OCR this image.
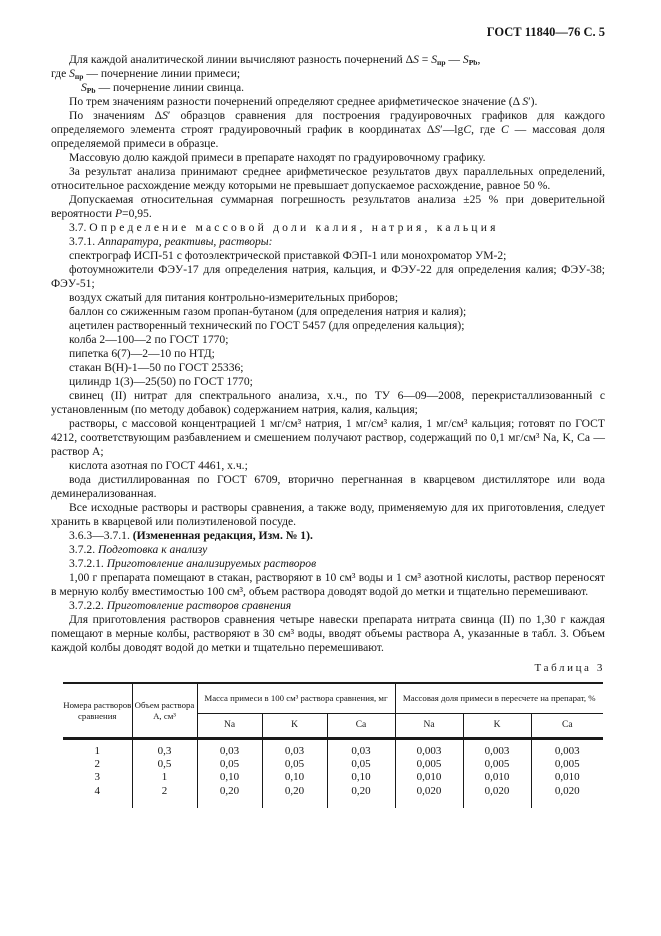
ГОСТ 11840—76 С. 5

Для каждой аналитической линии вычисляют разность почернений $\Delta S = S_{пр}$ — $S_{Pb}$,

где $S_{пр}$ — почернение линии примеси;

$S_{Pb}$ — почернение линии свинца.

По трем значениям разности почернений определяют среднее арифметическое значение (Δ S′).

По значениям ΔS′ образцов сравнения для построения градуировочных графиков для каждого определяемого элемента строят градуировочный график в координатах ΔS′—lgC, где C — массовая доля определяемой примеси в образце.

Массовую долю каждой примеси в препарате находят по градуировочному графику.

За результат анализа принимают среднее арифметическое результатов двух параллельных определений, относительное расхождение между которыми не превышает допускаемое расхождение, равное 50 %.

Допускаемая относительная суммарная погрешность результатов анализа ±25 % при доверительной вероятности P=0,95.

3.7. Определение массовой доли калия, натрия, кальция

3.7.1. Аппаратура, реактивы, растворы:

спектрограф ИСП-51 с фотоэлектрической приставкой ФЭП-1 или монохроматор УМ-2;

фотоумножители ФЭУ-17 для определения натрия, кальция, и ФЭУ-22 для определения калия; ФЭУ-38; ФЭУ-51;

воздух сжатый для питания контрольно-измерительных приборов;

баллон со сжиженным газом пропан-бутаном (для определения натрия и калия);

ацетилен растворенный технический по ГОСТ 5457 (для определения кальция);

колба 2—100—2 по ГОСТ 1770;

пипетка 6(7)—2—10 по НТД;

стакан В(Н)-1—50 по ГОСТ 25336;

цилиндр 1(3)—25(50) по ГОСТ 1770;

свинец (II) нитрат для спектрального анализа, х.ч., по ТУ 6—09—2008, перекристаллизованный с установленным (по методу добавок) содержанием натрия, калия, кальция;

растворы, с массовой концентрацией 1 мг/см³ натрия, 1 мг/см³ калия, 1 мг/см³ кальция; готовят по ГОСТ 4212, соответствующим разбавлением и смешением получают раствор, содержащий по 0,1 мг/см³ Na, K, Ca — раствор А;

кислота азотная по ГОСТ 4461, х.ч.;

вода дистиллированная по ГОСТ 6709, вторично перегнанная в кварцевом дистилляторе или вода деминерализованная.

Все исходные растворы и растворы сравнения, а также воду, применяемую для их приготовления, следует хранить в кварцевой или полиэтиленовой посуде.

3.6.3—3.7.1. (Измененная редакция, Изм. № 1).

3.7.2. Подготовка к анализу

3.7.2.1. Приготовление анализируемых растворов

1,00 г препарата помещают в стакан, растворяют в 10 см³ воды и 1 см³ азотной кислоты, раствор переносят в мерную колбу вместимостью 100 см³, объем раствора доводят водой до метки и тщательно перемешивают.

3.7.2.2. Приготовление растворов сравнения

Для приготовления растворов сравнения четыре навески препарата нитрата свинца (II) по 1,30 г каждая помещают в мерные колбы, растворяют в 30 см³ воды, вводят объемы раствора А, указанные в табл. 3. Объем каждой колбы доводят водой до метки и тщательно перемешивают.

Таблица 3
Номера растворов сравнения	Объем раствора А, см³	Масса примеси в 100 см³ раствора сравнения, мг			Массовая доля примеси в пересчете на препарат, %		
		Na	K	Ca	Na	K	Ca
1	0,3	0,03	0,03	0,03	0,003	0,003	0,003
2	0,5	0,05	0,05	0,05	0,005	0,005	0,005
3	1	0,10	0,10	0,10	0,010	0,010	0,010
4	2	0,20	0,20	0,20	0,020	0,020	0,020
